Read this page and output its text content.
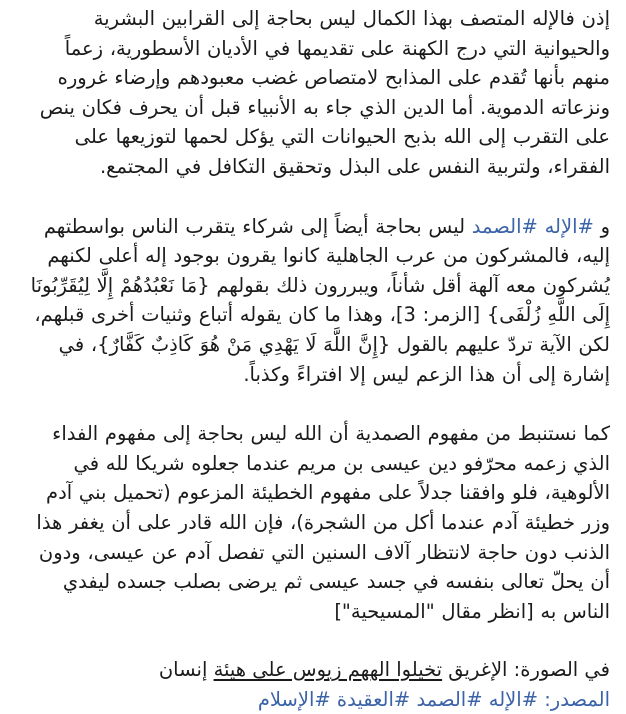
إذن فالإله المتصف بهذا الكمال ليس بحاجة إلى القرابين البشرية
والحيوانية التي درج الكهنة على تقديمها في الأديان الأسطورية، زعماً
منهم بأنها تُقدم على المذابح لامتصاص غضب معبودهم وإرضاء غروره
ونزعاته الدموية. أما الدين الذي جاء به الأنبياء قبل أن يحرف فكان ينص
على التقرب إلى الله بذبح الحيوانات التي يؤكل لحمها لتوزيعها على
الفقراء، ولتربية النفس على البذل وتحقيق التكافل في المجتمع.

و #الإله #الصمد ليس بحاجة أيضاً إلى شركاء يتقرب الناس بواسطتهم
إليه، فالمشركون من عرب الجاهلية كانوا يقرون بوجود إله أعلى لكنهم
يُشركون معه آلهة أقل شأناً، ويبررون ذلك بقولهم {مَا نَعْبُدُهُمْ إِلَّا لِيُقَرِّبُونَا
إِلَى اللَّهِ زُلْفَى} [الزمر: 3]، وهذا ما كان يقوله أتباع وثنيات أخرى قبلهم،
لكن الآية تردّ عليهم بالقول {إِنَّ اللَّهَ لَا يَهْدِي مَنْ هُوَ كَاذِبٌ كَفَّارٌ}، في
إشارة إلى أن هذا الزعم ليس إلا افتراءً وكذباً.

كما نستنبط من مفهوم الصمدية أن الله ليس بحاجة إلى مفهوم الفداء
الذي زعمه محرّفو دين عيسى بن مريم عندما جعلوه شريكا لله في
الألوهية، فلو وافقنا جدلاً على مفهوم الخطيئة المزعوم (تحميل بني آدم
وزر خطيئة آدم عندما أكل من الشجرة)، فإن الله قادر على أن يغفر هذا
الذنب دون حاجة لانتظار آلاف السنين التي تفصل آدم عن عيسى، ودون
أن يحلّ تعالى بنفسه في جسد عيسى ثم يرضى بصلب جسده ليفدي
الناس به [انظر مقال "المسيحية"]

في الصورة: الإغريق تخيلوا الههم زيوس على هيئة إنسان
المصدر: #الإله #الصمد #العقيدة #الإسلام
